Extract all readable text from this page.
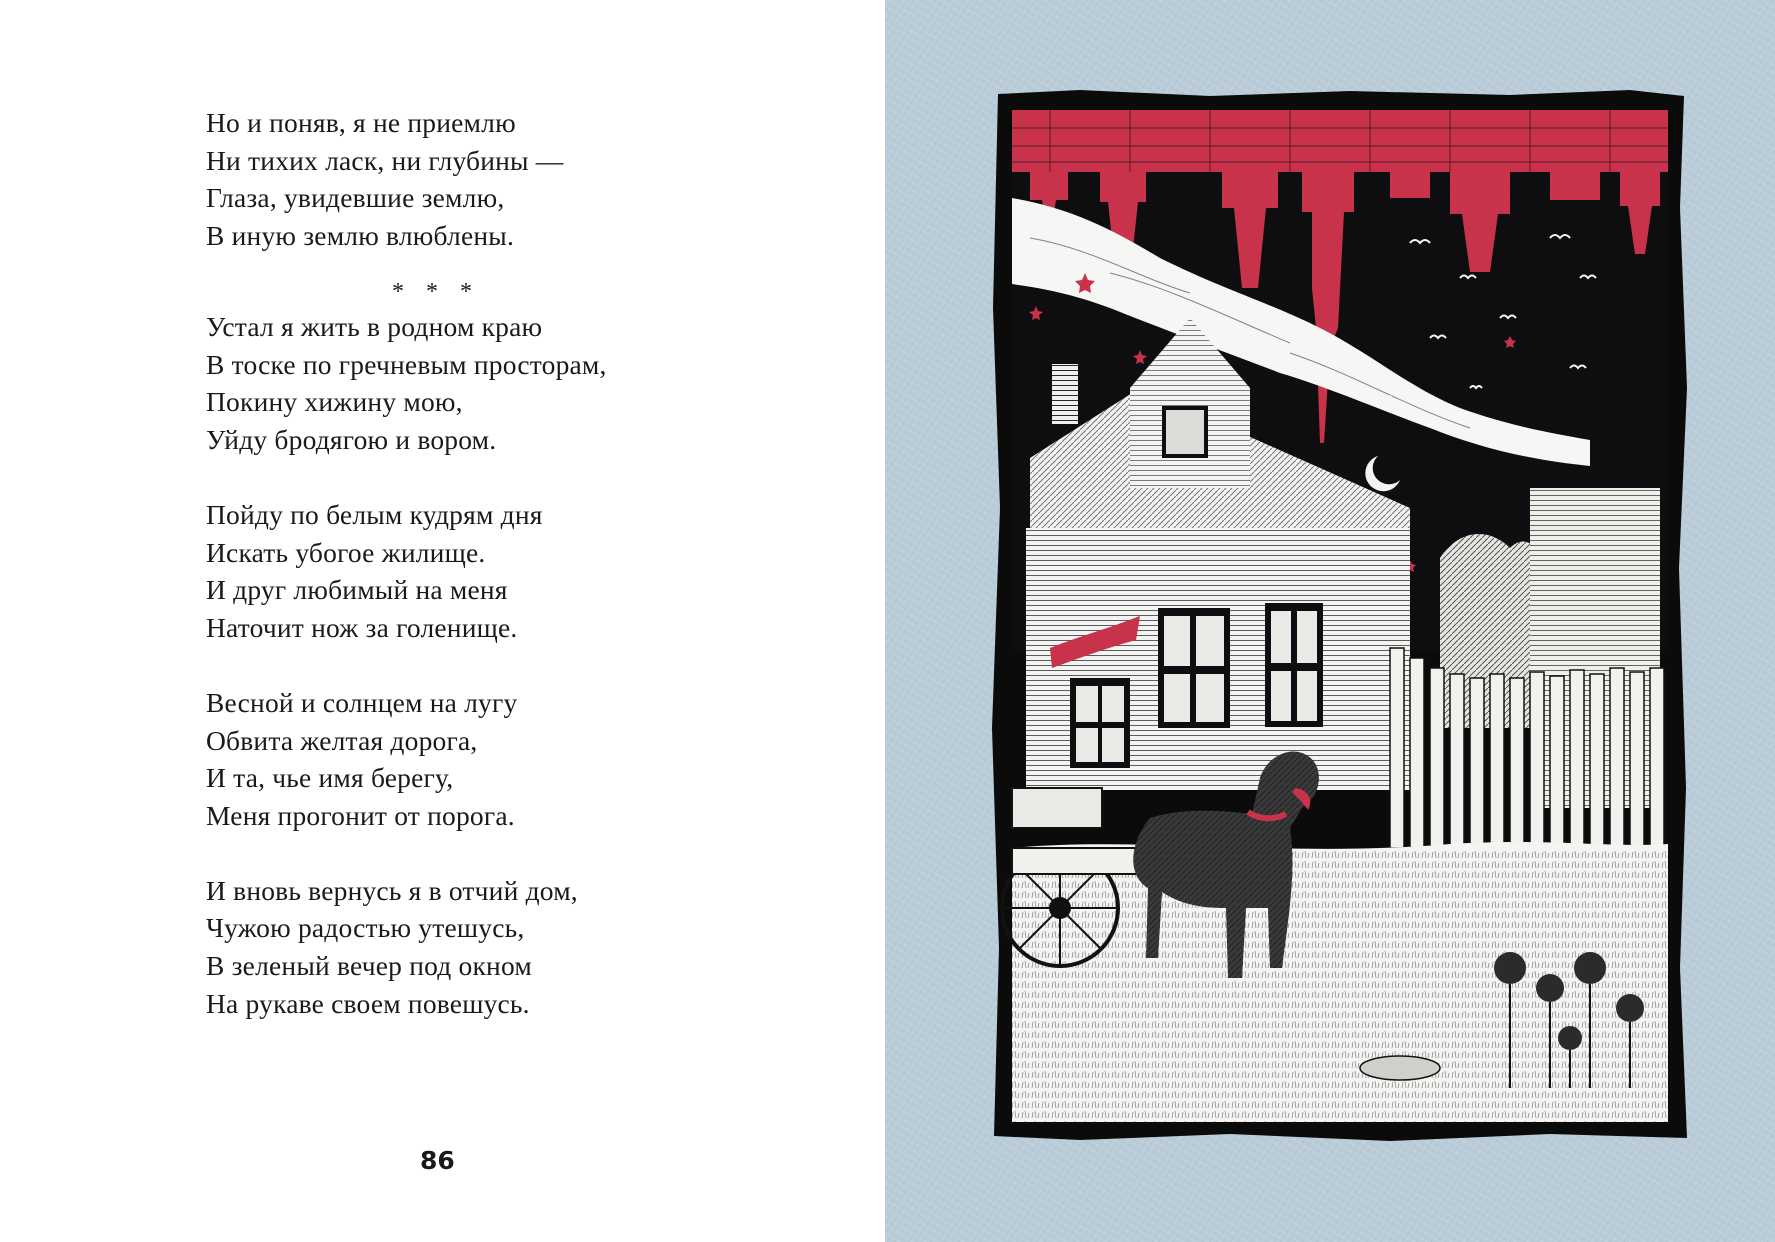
Но и поняв, я не приемлю
Ни тихих ласк, ни глубины —
Глаза, увидевшие землю,
В иную землю влюблены.
* * *
Устал я жить в родном краю
В тоске по гречневым просторам,
Покину хижину мою,
Уйду бродягою и вором.
Пойду по белым кудрям дня
Искать убогое жилище.
И друг любимый на меня
Наточит нож за голенище.
Весной и солнцем на лугу
Обвита желтая дорога,
И та, чье имя берегу,
Меня прогонит от порога.
И вновь вернусь я в отчий дом,
Чужою радостью утешусь,
В зеленый вечер под окном
На рукаве своем повешусь.
86
